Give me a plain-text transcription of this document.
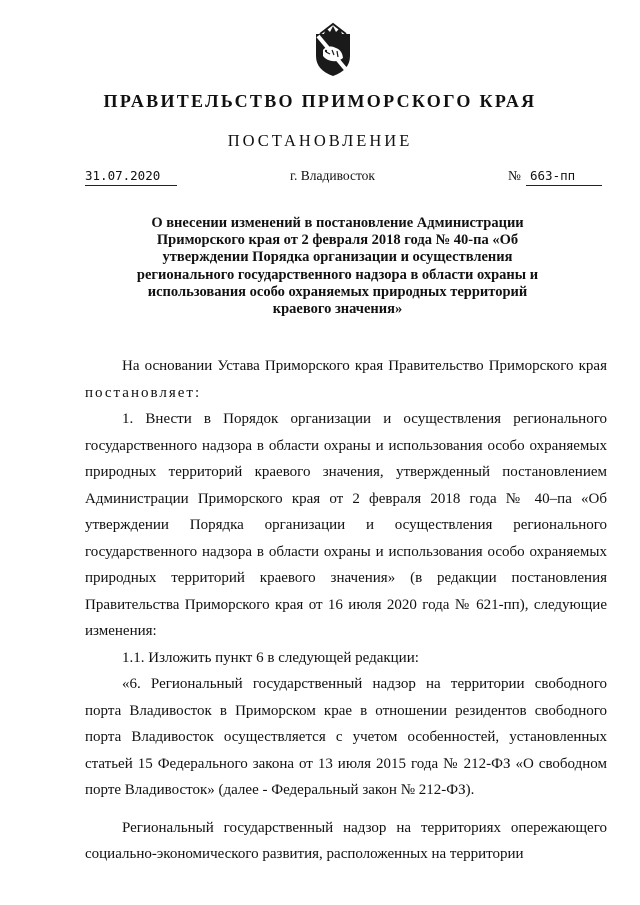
ПРАВИТЕЛЬСТВО ПРИМОРСКОГО КРАЯ
ПОСТАНОВЛЕНИЕ
31.07.2020	г. Владивосток	№ 663-пп
О внесении изменений в постановление Администрации Приморского края от 2 февраля 2018 года № 40-па «Об утверждении Порядка организации и осуществления регионального государственного надзора в области охраны и использования особо охраняемых природных территорий краевого значения»

На основании Устава Приморского края Правительство Приморского края постановляет:

1. Внести в Порядок организации и осуществления регионального государственного надзора в области охраны и использования особо охраняемых природных территорий краевого значения, утвержденный постановлением Администрации Приморского края от 2 февраля 2018 года № 40–па «Об утверждении Порядка организации и осуществления регионального государственного надзора в области охраны и использования особо охраняемых природных территорий краевого значения» (в редакции постановления Правительства Приморского края от 16 июля 2020 года № 621-пп), следующие изменения:

1.1. Изложить пункт 6 в следующей редакции:

«6. Региональный государственный надзор на территории свободного порта Владивосток в Приморском крае в отношении резидентов свободного порта Владивосток осуществляется с учетом особенностей, установленных статьей 15 Федерального закона от 13 июля 2015 года № 212-ФЗ «О свободном порте Владивосток» (далее - Федеральный закон № 212-ФЗ).

Региональный государственный надзор на территориях опережающего социально-экономического развития, расположенных на территории
